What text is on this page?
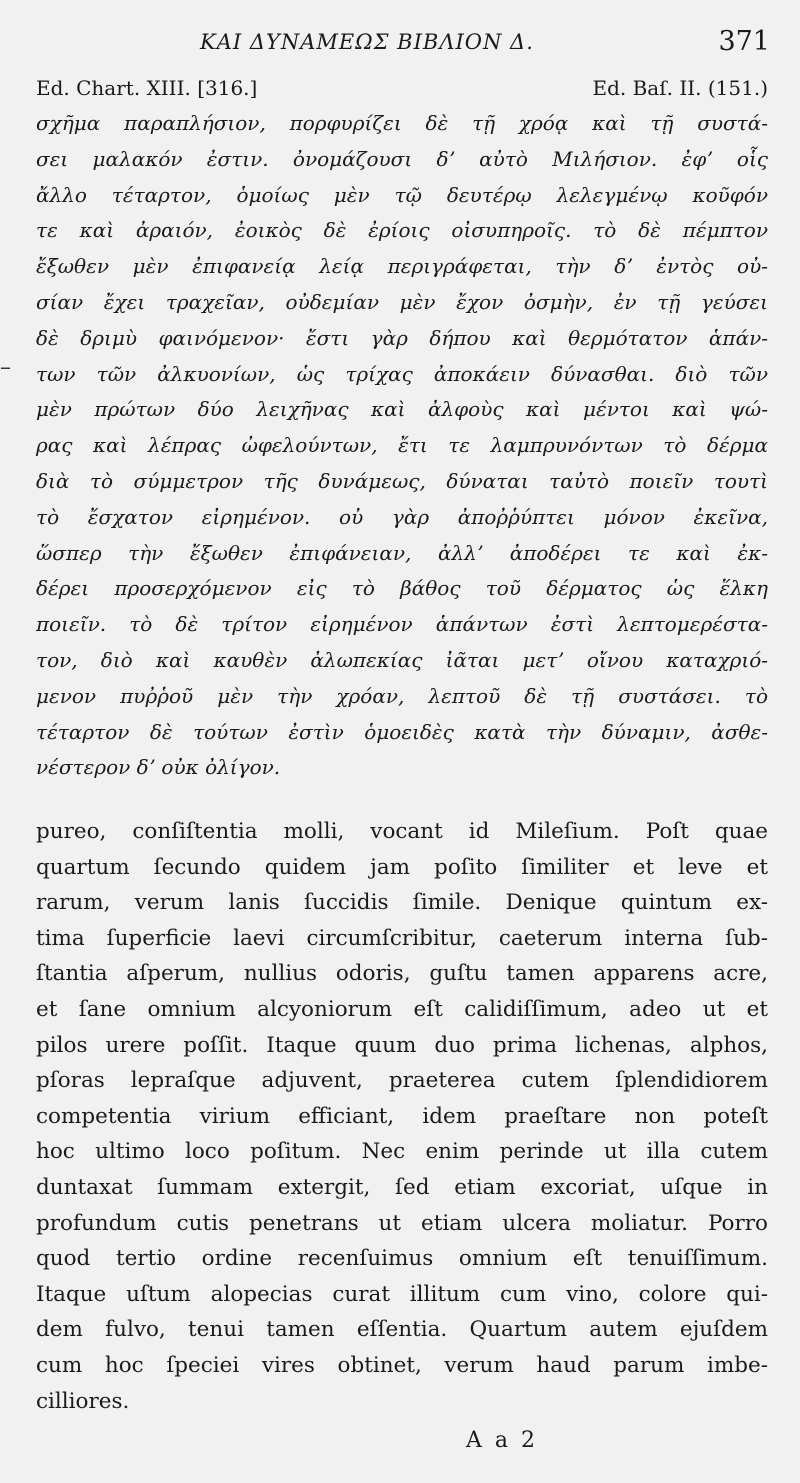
ΚΑΙ ΔΥΝΑΜΕΩΣ ΒΙΒΛΙΟΝ Δ.	371
Ed. Chart. XIII. [316.]	Ed. Baſ. II. (151.)
–
σχῆμα παραπλήσιον, πορφυρίζει δὲ τῇ χρόᾳ καὶ τῇ συστά-
σει μαλακόν ἐστιν. ὀνομάζουσι δʼ αὐτὸ Μιλήσιον. ἐφʼ οἷς
ἄλλο τέταρτον, ὁμοίως μὲν τῷ δευτέρῳ λελεγμένῳ κοῦφόν
τε καὶ ἀραιόν, ἐοικὸς δὲ ἐρίοις οἰσυπηροῖς. τὸ δὲ πέμπτον
ἔξωθεν μὲν ἐπιφανείᾳ λείᾳ περιγράφεται, τὴν δʼ ἐντὸς οὐ-
σίαν ἔχει τραχεῖαν, οὐδεμίαν μὲν ἔχον ὀσμὴν, ἐν τῇ γεύσει
δὲ δριμὺ φαινόμενον· ἔστι γὰρ δήπου καὶ θερμότατον ἁπάν-
των τῶν ἀλκυονίων, ὡς τρίχας ἀποκάειν δύνασθαι. διὸ τῶν
μὲν πρώτων δύο λειχῆνας καὶ ἀλφοὺς καὶ μέντοι καὶ ψώ-
ρας καὶ λέπρας ὠφελούντων, ἔτι τε λαμπρυνόντων τὸ δέρμα
διὰ τὸ σύμμετρον τῆς δυνάμεως, δύναται ταὐτὸ ποιεῖν τουτὶ
τὸ ἔσχατον εἰρημένον. οὐ γὰρ ἀποῤῥύπτει μόνον ἐκεῖνα,
ὥσπερ τὴν ἔξωθεν ἐπιφάνειαν, ἀλλʼ ἀποδέρει τε καὶ ἐκ-
δέρει προσερχόμενον εἰς τὸ βάθος τοῦ δέρματος ὡς ἕλκη
ποιεῖν. τὸ δὲ τρίτον εἰρημένον ἁπάντων ἐστὶ λεπτομερέστα-
τον, διὸ καὶ καυθὲν ἀλωπεκίας ἰᾶται μετʼ οἴνου καταχριό-
μενον πυῤῥοῦ μὲν τὴν χρόαν, λεπτοῦ δὲ τῇ συστάσει. τὸ
τέταρτον δὲ τούτων ἐστὶν ὁμοειδὲς κατὰ τὴν δύναμιν, ἀσθε-
νέστερον δʼ οὐκ ὀλίγον.
pureo, conſiſtentia molli, vocant id Mileſium. Poſt quae
quartum ſecundo quidem jam poſito ſimiliter et leve et
rarum, verum lanis ſuccidis ſimile. Denique quintum ex-
tima ſuperficie laevi circumſcribitur, caeterum interna ſub-
ſtantia aſperum, nullius odoris, guſtu tamen apparens acre,
et ſane omnium alcyoniorum eſt calidiſſimum, adeo ut et
pilos urere poſſit. Itaque quum duo prima lichenas, alphos,
pſoras lepraſque adjuvent, praeterea cutem ſplendidiorem
competentia virium efficiant, idem praeſtare non poteſt
hoc ultimo loco poſitum. Nec enim perinde ut illa cutem
duntaxat ſummam extergit, ſed etiam excoriat, uſque in
profundum cutis penetrans ut etiam ulcera moliatur. Porro
quod tertio ordine recenſuimus omnium eſt tenuiſſimum.
Itaque uſtum alopecias curat illitum cum vino, colore qui-
dem fulvo, tenui tamen eſſentia. Quartum autem ejuſdem
cum hoc ſpeciei vires obtinet, verum haud parum imbe-
cilliores.
A a 2
